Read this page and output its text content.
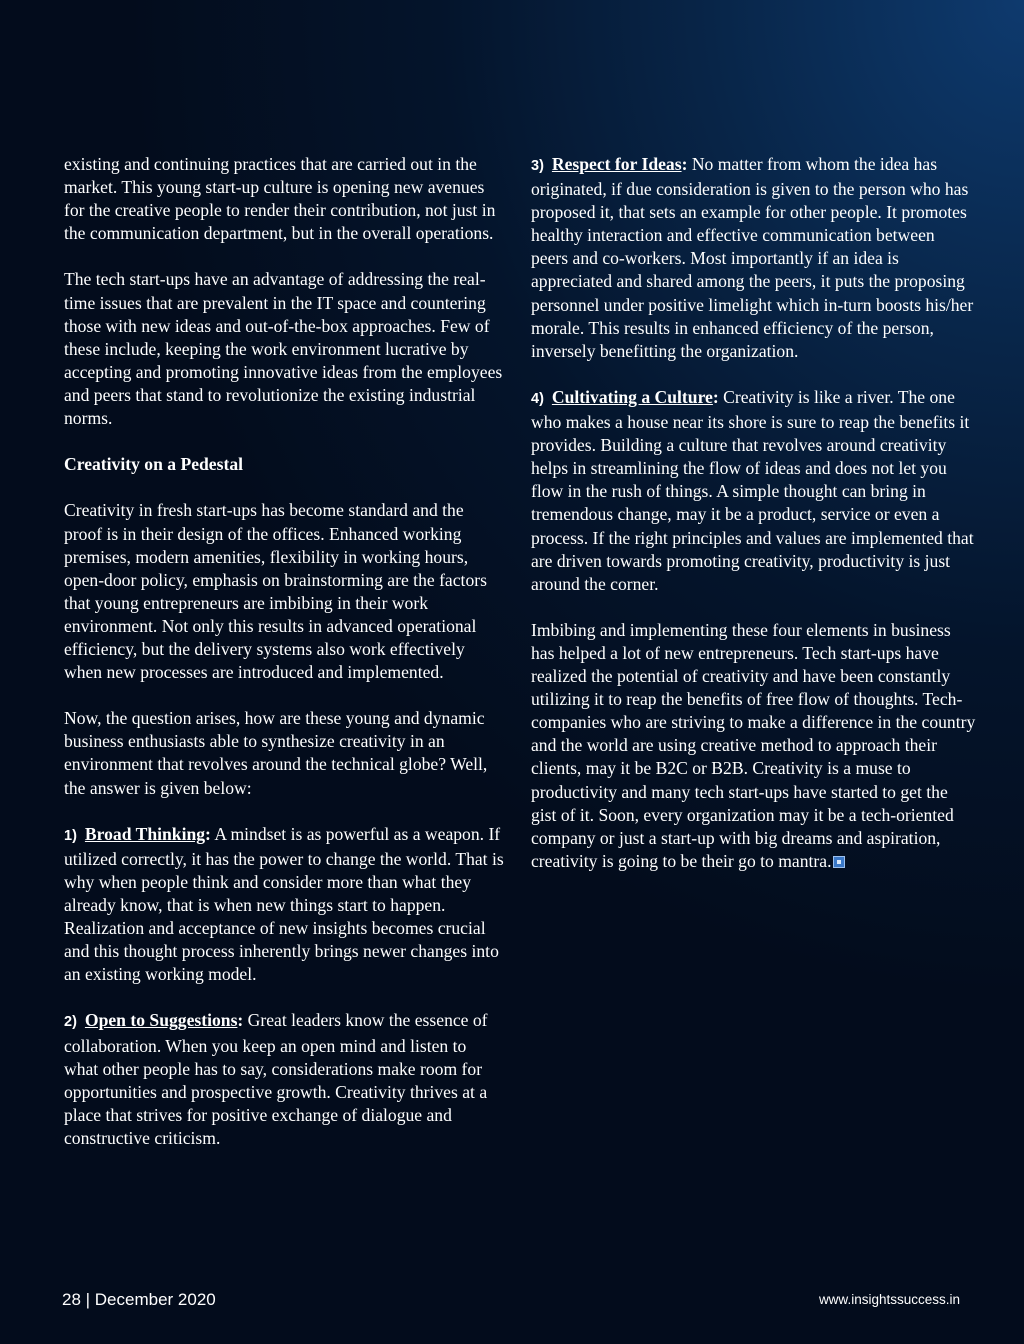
existing and continuing practices that are carried out in the market. This young start-up culture is opening new avenues for the creative people to render their contribution, not just in the communication department, but in the overall operations.

The tech start-ups have an advantage of addressing the real-time issues that are prevalent in the IT space and countering those with new ideas and out-of-the-box approaches. Few of these include, keeping the work environment lucrative by accepting and promoting innovative ideas from the employees and peers that stand to revolutionize the existing industrial norms.

Creativity on a Pedestal

Creativity in fresh start-ups has become standard and the proof is in their design of the offices. Enhanced working premises, modern amenities, flexibility in working hours, open-door policy, emphasis on brainstorming are the factors that young entrepreneurs are imbibing in their work environment. Not only this results in advanced operational efficiency, but the delivery systems also work effectively when new processes are introduced and implemented.

Now, the question arises, how are these young and dynamic business enthusiasts able to synthesize creativity in an environment that revolves around the technical globe? Well, the answer is given below:

1) Broad Thinking: A mindset is as powerful as a weapon. If utilized correctly, it has the power to change the world. That is why when people think and consider more than what they already know, that is when new things start to happen. Realization and acceptance of new insights becomes crucial and this thought process inherently brings newer changes into an existing working model.

2) Open to Suggestions: Great leaders know the essence of collaboration. When you keep an open mind and listen to what other people has to say, considerations make room for opportunities and prospective growth. Creativity thrives at a place that strives for positive exchange of dialogue and constructive criticism.

3) Respect for Ideas: No matter from whom the idea has originated, if due consideration is given to the person who has proposed it, that sets an example for other people. It promotes healthy interaction and effective communication between peers and co-workers. Most importantly if an idea is appreciated and shared among the peers, it puts the proposing personnel under positive limelight which in-turn boosts his/her morale. This results in enhanced efficiency of the person, inversely benefitting the organization.

4) Cultivating a Culture: Creativity is like a river. The one who makes a house near its shore is sure to reap the benefits it provides. Building a culture that revolves around creativity helps in streamlining the flow of ideas and does not let you flow in the rush of things. A simple thought can bring in tremendous change, may it be a product, service or even a process. If the right principles and values are implemented that are driven towards promoting creativity, productivity is just around the corner.

Imbibing and implementing these four elements in business has helped a lot of new entrepreneurs. Tech start-ups have realized the potential of creativity and have been constantly utilizing it to reap the benefits of free flow of thoughts. Tech-companies who are striving to make a difference in the country and the world are using creative method to approach their clients, may it be B2C or B2B. Creativity is a muse to productivity and many tech start-ups have started to get the gist of it. Soon, every organization may it be a tech-oriented company or just a start-up with big dreams and aspiration, creativity is going to be their go to mantra.

28 | December 2020	www.insightssuccess.in
